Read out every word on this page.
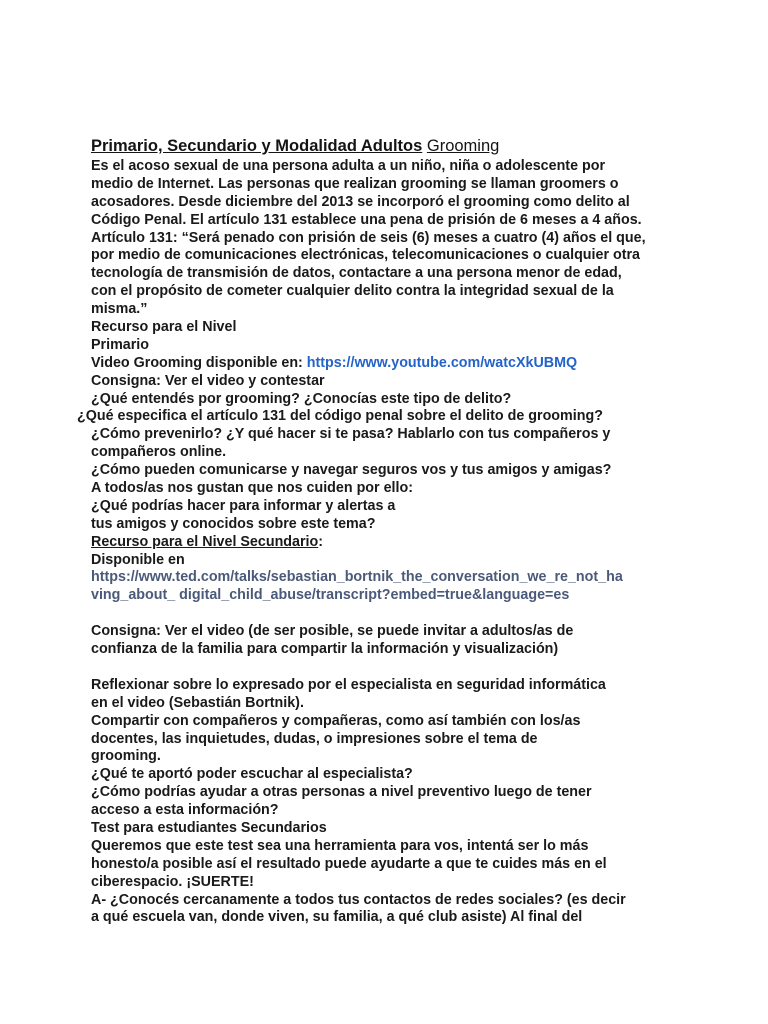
Primario, Secundario y Modalidad Adultos Grooming
Es el acoso sexual de una persona adulta a un niño, niña o adolescente por
medio de Internet. Las personas que realizan grooming se llaman groomers o
acosadores. Desde diciembre del 2013 se incorporó el grooming como delito al
Código Penal. El artículo 131 establece una pena de prisión de 6 meses a 4 años.
Artículo 131: “Será penado con prisión de seis (6) meses a cuatro (4) años el que,
por medio de comunicaciones electrónicas, telecomunicaciones o cualquier otra
tecnología de transmisión de datos, contactare a una persona menor de edad,
con el propósito de cometer cualquier delito contra la integridad sexual de la
misma.”
Recurso para el Nivel
Primario
Video Grooming disponible en: https://www.youtube.com/watcXkUBMQ
Consigna: Ver el video y contestar
¿Qué entendés por grooming? ¿Conocías este tipo de delito?
¿Qué especifica el artículo 131 del código penal sobre el delito de grooming?
¿Cómo prevenirlo? ¿Y qué hacer si te pasa? Hablarlo con tus compañeros y
compañeros online.
¿Cómo pueden comunicarse y navegar seguros vos y tus amigos y amigas?
A todos/as nos gustan que nos cuiden por ello:
¿Qué podrías hacer para informar y alertas a
tus amigos y conocidos sobre este tema?
Recurso para el Nivel Secundario:
Disponible en
https://www.ted.com/talks/sebastian_bortnik_the_conversation_we_re_not_ha
ving_about_ digital_child_abuse/transcript?embed=true&language=es
Consigna: Ver el video (de ser posible, se puede invitar a adultos/as de
confianza de la familia para compartir la información y visualización)
Reflexionar sobre lo expresado por el especialista en seguridad informática
en el video (Sebastián Bortnik).
Compartir con compañeros y compañeras, como así también con los/as
docentes, las inquietudes, dudas, o impresiones sobre el tema de
grooming.
¿Qué te aportó poder escuchar al especialista?
¿Cómo podrías ayudar a otras personas a nivel preventivo luego de tener
acceso a esta información?
Test para estudiantes Secundarios
Queremos que este test sea una herramienta para vos, intentá ser lo más
honesto/a posible así el resultado puede ayudarte a que te cuides más en el
ciberespacio. ¡SUERTE!
A- ¿Conocés cercanamente a todos tus contactos de redes sociales? (es decir
a qué escuela van, donde viven, su familia, a qué club asiste) Al final del
